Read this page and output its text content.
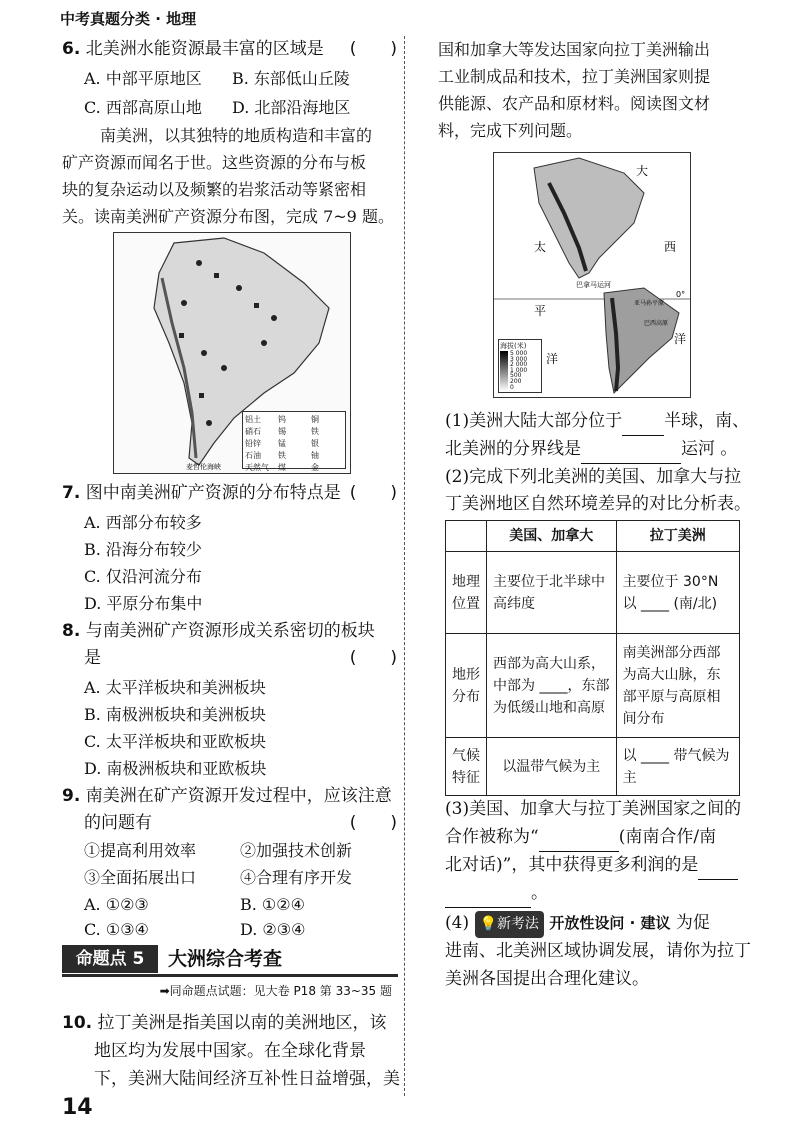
中考真题分类 · 地理
6. 北美洲水能资源最丰富的区域是 (　　)
A. 中部平原地区 B. 东部低山丘陵
C. 西部高原山地 D. 北部沿海地区
南美洲，以其独特的地质构造和丰富的
矿产资源而闻名于世。这些资源的分布与板
块的复杂运动以及频繁的岩浆活动等紧密相
关。读南美洲矿产资源分布图，完成 7~9 题。
麦哲伦海峡
铝土	钨	铜
硝石	锡	铁
铅锌	锰	银
石油	铁	铀
天然气	煤	金
7. 图中南美洲矿产资源的分布特点是 (　　)
A. 西部分布较多
B. 沿海分布较少
C. 仅沿河流分布
D. 平原分布集中
8. 与南美洲矿产资源形成关系密切的板块
是	(　　)
A. 太平洋板块和美洲板块
B. 南极洲板块和美洲板块
C. 太平洋板块和亚欧板块
D. 南极洲板块和亚欧板块
9. 南美洲在矿产资源开发过程中，应该注意
的问题有	(　　)
①提高利用效率	②加强技术创新
③全面拓展出口	④合理有序开发
A. ①②③	B. ①②④
C. ①③④	D. ②③④
命题点 5	大洲综合考查
➡同命题点试题：见大卷 P18 第 33~35 题
10. 拉丁美洲是指美国以南的美洲地区，该
地区均为发展中国家。在全球化背景
下，美洲大陆间经济互补性日益增强，美
14
国和加拿大等发达国家向拉丁美洲输出
工业制成品和技术，拉丁美洲国家则提
供能源、农产品和原材料。阅读图文材
料，完成下列问题。
大
太	西
平
洋
洋
巴拿马运河
亚马孙平原
巴西高原
0°
海拔(米)
5 000
3 000
2 000
1 000
500
200
0
(1)美洲大陆大部分位于 半球，南、
北美洲的分界线是	运河 。
(2)完成下列北美洲的美国、加拿大与拉
丁美洲地区自然环境差异的对比分析表。
	美国、加拿大	拉丁美洲
地理位置	主要位于北半球中高纬度	主要位于 30°N 以 ____ (南/北)
地形分布	西部为高大山系，中部为 ____，东部为低缓山地和高原	南美洲部分西部为高大山脉，东部平原与高原相间分布
气候特征	以温带气候为主	以 ____ 带气候为主
(3)美国、加拿大与拉丁美洲国家之间的
合作被称为“	(南南合作/南
北对话)”，其中获得更多利润的是
。
(4) 💡新考法 开放性设问 · 建议 为促
进南、北美洲区域协调发展，请你为拉丁
美洲各国提出合理化建议。
